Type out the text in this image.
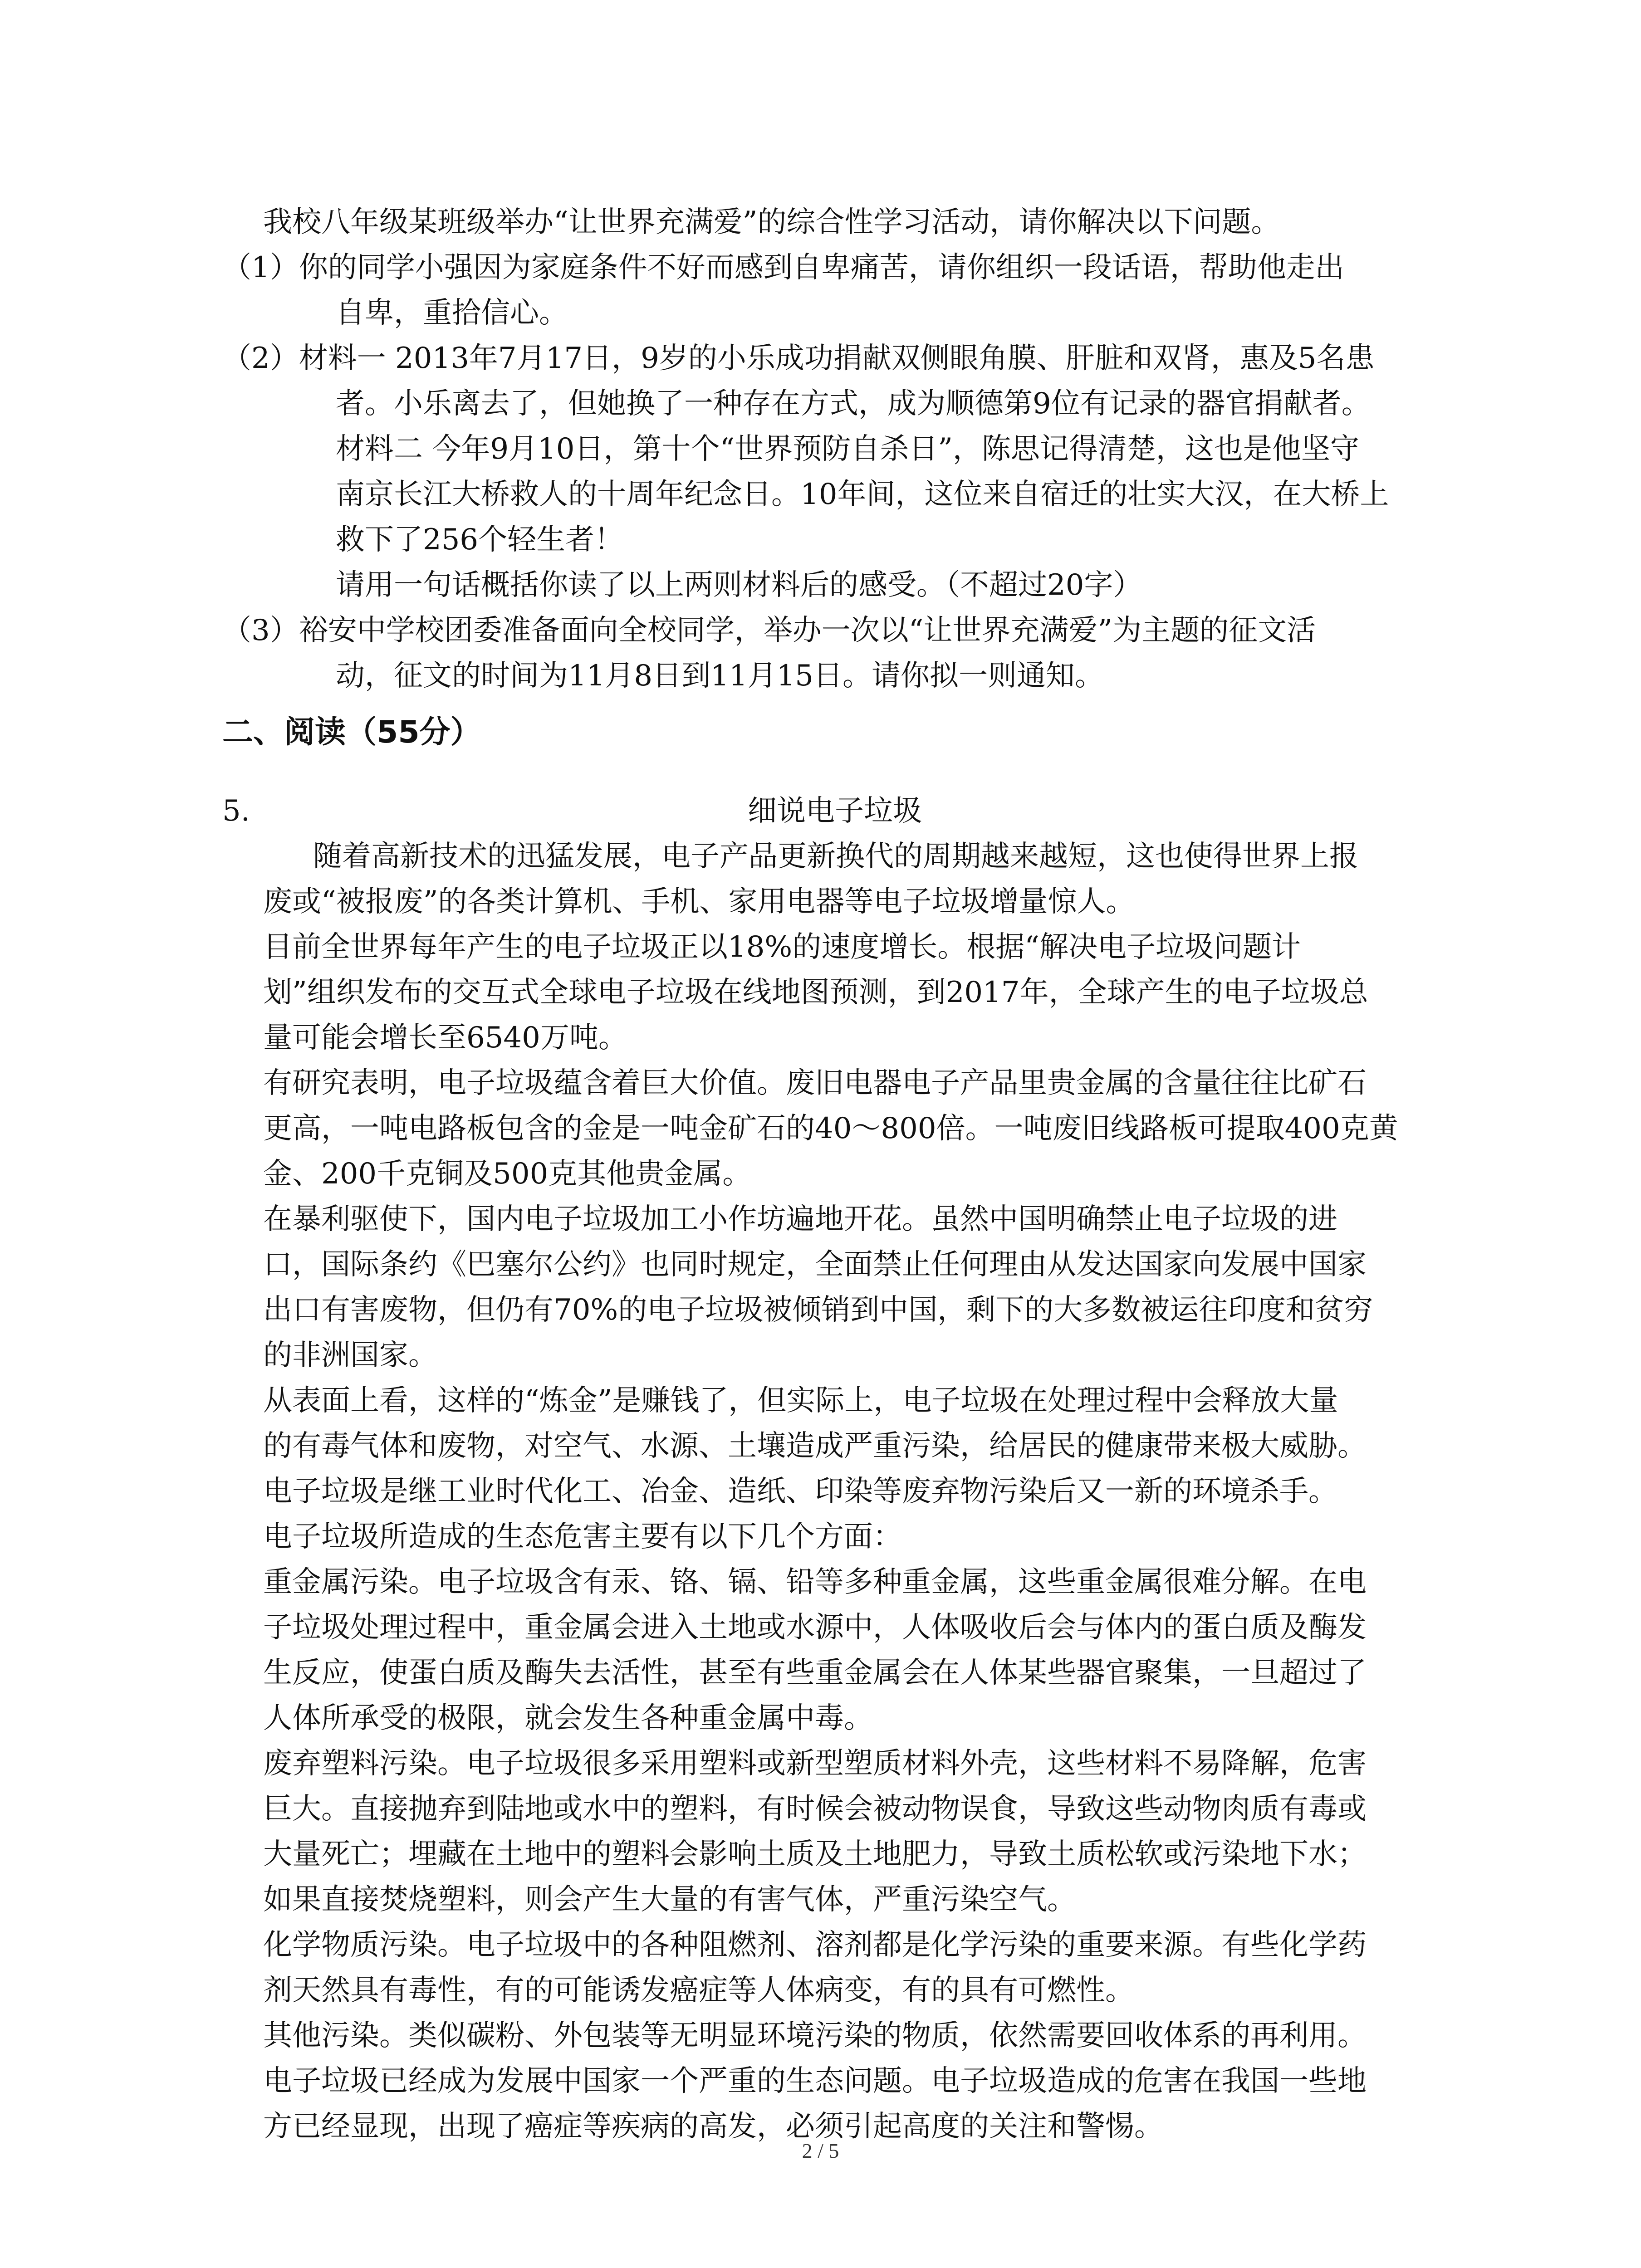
我校八年级某班级举办“让世界充满爱”的综合性学习活动，请你解决以下问题。

（1）你的同学小强因为家庭条件不好而感到自卑痛苦，请你组织一段话语，帮助他走出

自卑，重拾信心。

（2）材料一 2013年7月17日，9岁的小乐成功捐献双侧眼角膜、肝脏和双肾，惠及5名患

者。小乐离去了，但她换了一种存在方式，成为顺德第9位有记录的器官捐献者。

材料二 今年9月10日，第十个“世界预防自杀日”，陈思记得清楚，这也是他坚守

南京长江大桥救人的十周年纪念日。10年间，这位来自宿迁的壮实大汉，在大桥上

救下了256个轻生者！

请用一句话概括你读了以上两则材料后的感受。（不超过20字）

（3）裕安中学校团委准备面向全校同学，举办一次以“让世界充满爱”为主题的征文活

动，征文的时间为11月8日到11月15日。请你拟一则通知。

二、阅读（55分）

5.	细说电子垃圾

随着高新技术的迅猛发展，电子产品更新换代的周期越来越短，这也使得世界上报

废或“被报废”的各类计算机、手机、家用电器等电子垃圾增量惊人。

目前全世界每年产生的电子垃圾正以18%的速度增长。根据“解决电子垃圾问题计

划”组织发布的交互式全球电子垃圾在线地图预测，到2017年，全球产生的电子垃圾总

量可能会增长至6540万吨。

有研究表明，电子垃圾蕴含着巨大价值。废旧电器电子产品里贵金属的含量往往比矿石

更高，一吨电路板包含的金是一吨金矿石的40～800倍。一吨废旧线路板可提取400克黄

金、200千克铜及500克其他贵金属。

在暴利驱使下，国内电子垃圾加工小作坊遍地开花。虽然中国明确禁止电子垃圾的进

口，国际条约《巴塞尔公约》也同时规定，全面禁止任何理由从发达国家向发展中国家

出口有害废物，但仍有70%的电子垃圾被倾销到中国，剩下的大多数被运往印度和贫穷

的非洲国家。

从表面上看，这样的“炼金”是赚钱了，但实际上，电子垃圾在处理过程中会释放大量

的有毒气体和废物，对空气、水源、土壤造成严重污染，给居民的健康带来极大威胁。

电子垃圾是继工业时代化工、冶金、造纸、印染等废弃物污染后又一新的环境杀手。

电子垃圾所造成的生态危害主要有以下几个方面：

重金属污染。电子垃圾含有汞、铬、镉、铅等多种重金属，这些重金属很难分解。在电

子垃圾处理过程中，重金属会进入土地或水源中，人体吸收后会与体内的蛋白质及酶发

生反应，使蛋白质及酶失去活性，甚至有些重金属会在人体某些器官聚集，一旦超过了

人体所承受的极限，就会发生各种重金属中毒。

废弃塑料污染。电子垃圾很多采用塑料或新型塑质材料外壳，这些材料不易降解，危害

巨大。直接抛弃到陆地或水中的塑料，有时候会被动物误食，导致这些动物肉质有毒或

大量死亡；埋藏在土地中的塑料会影响土质及土地肥力，导致土质松软或污染地下水；

如果直接焚烧塑料，则会产生大量的有害气体，严重污染空气。

化学物质污染。电子垃圾中的各种阻燃剂、溶剂都是化学污染的重要来源。有些化学药

剂天然具有毒性，有的可能诱发癌症等人体病变，有的具有可燃性。

其他污染。类似碳粉、外包装等无明显环境污染的物质，依然需要回收体系的再利用。

电子垃圾已经成为发展中国家一个严重的生态问题。电子垃圾造成的危害在我国一些地

方已经显现，出现了癌症等疾病的高发，必须引起高度的关注和警惕。

2 / 5
